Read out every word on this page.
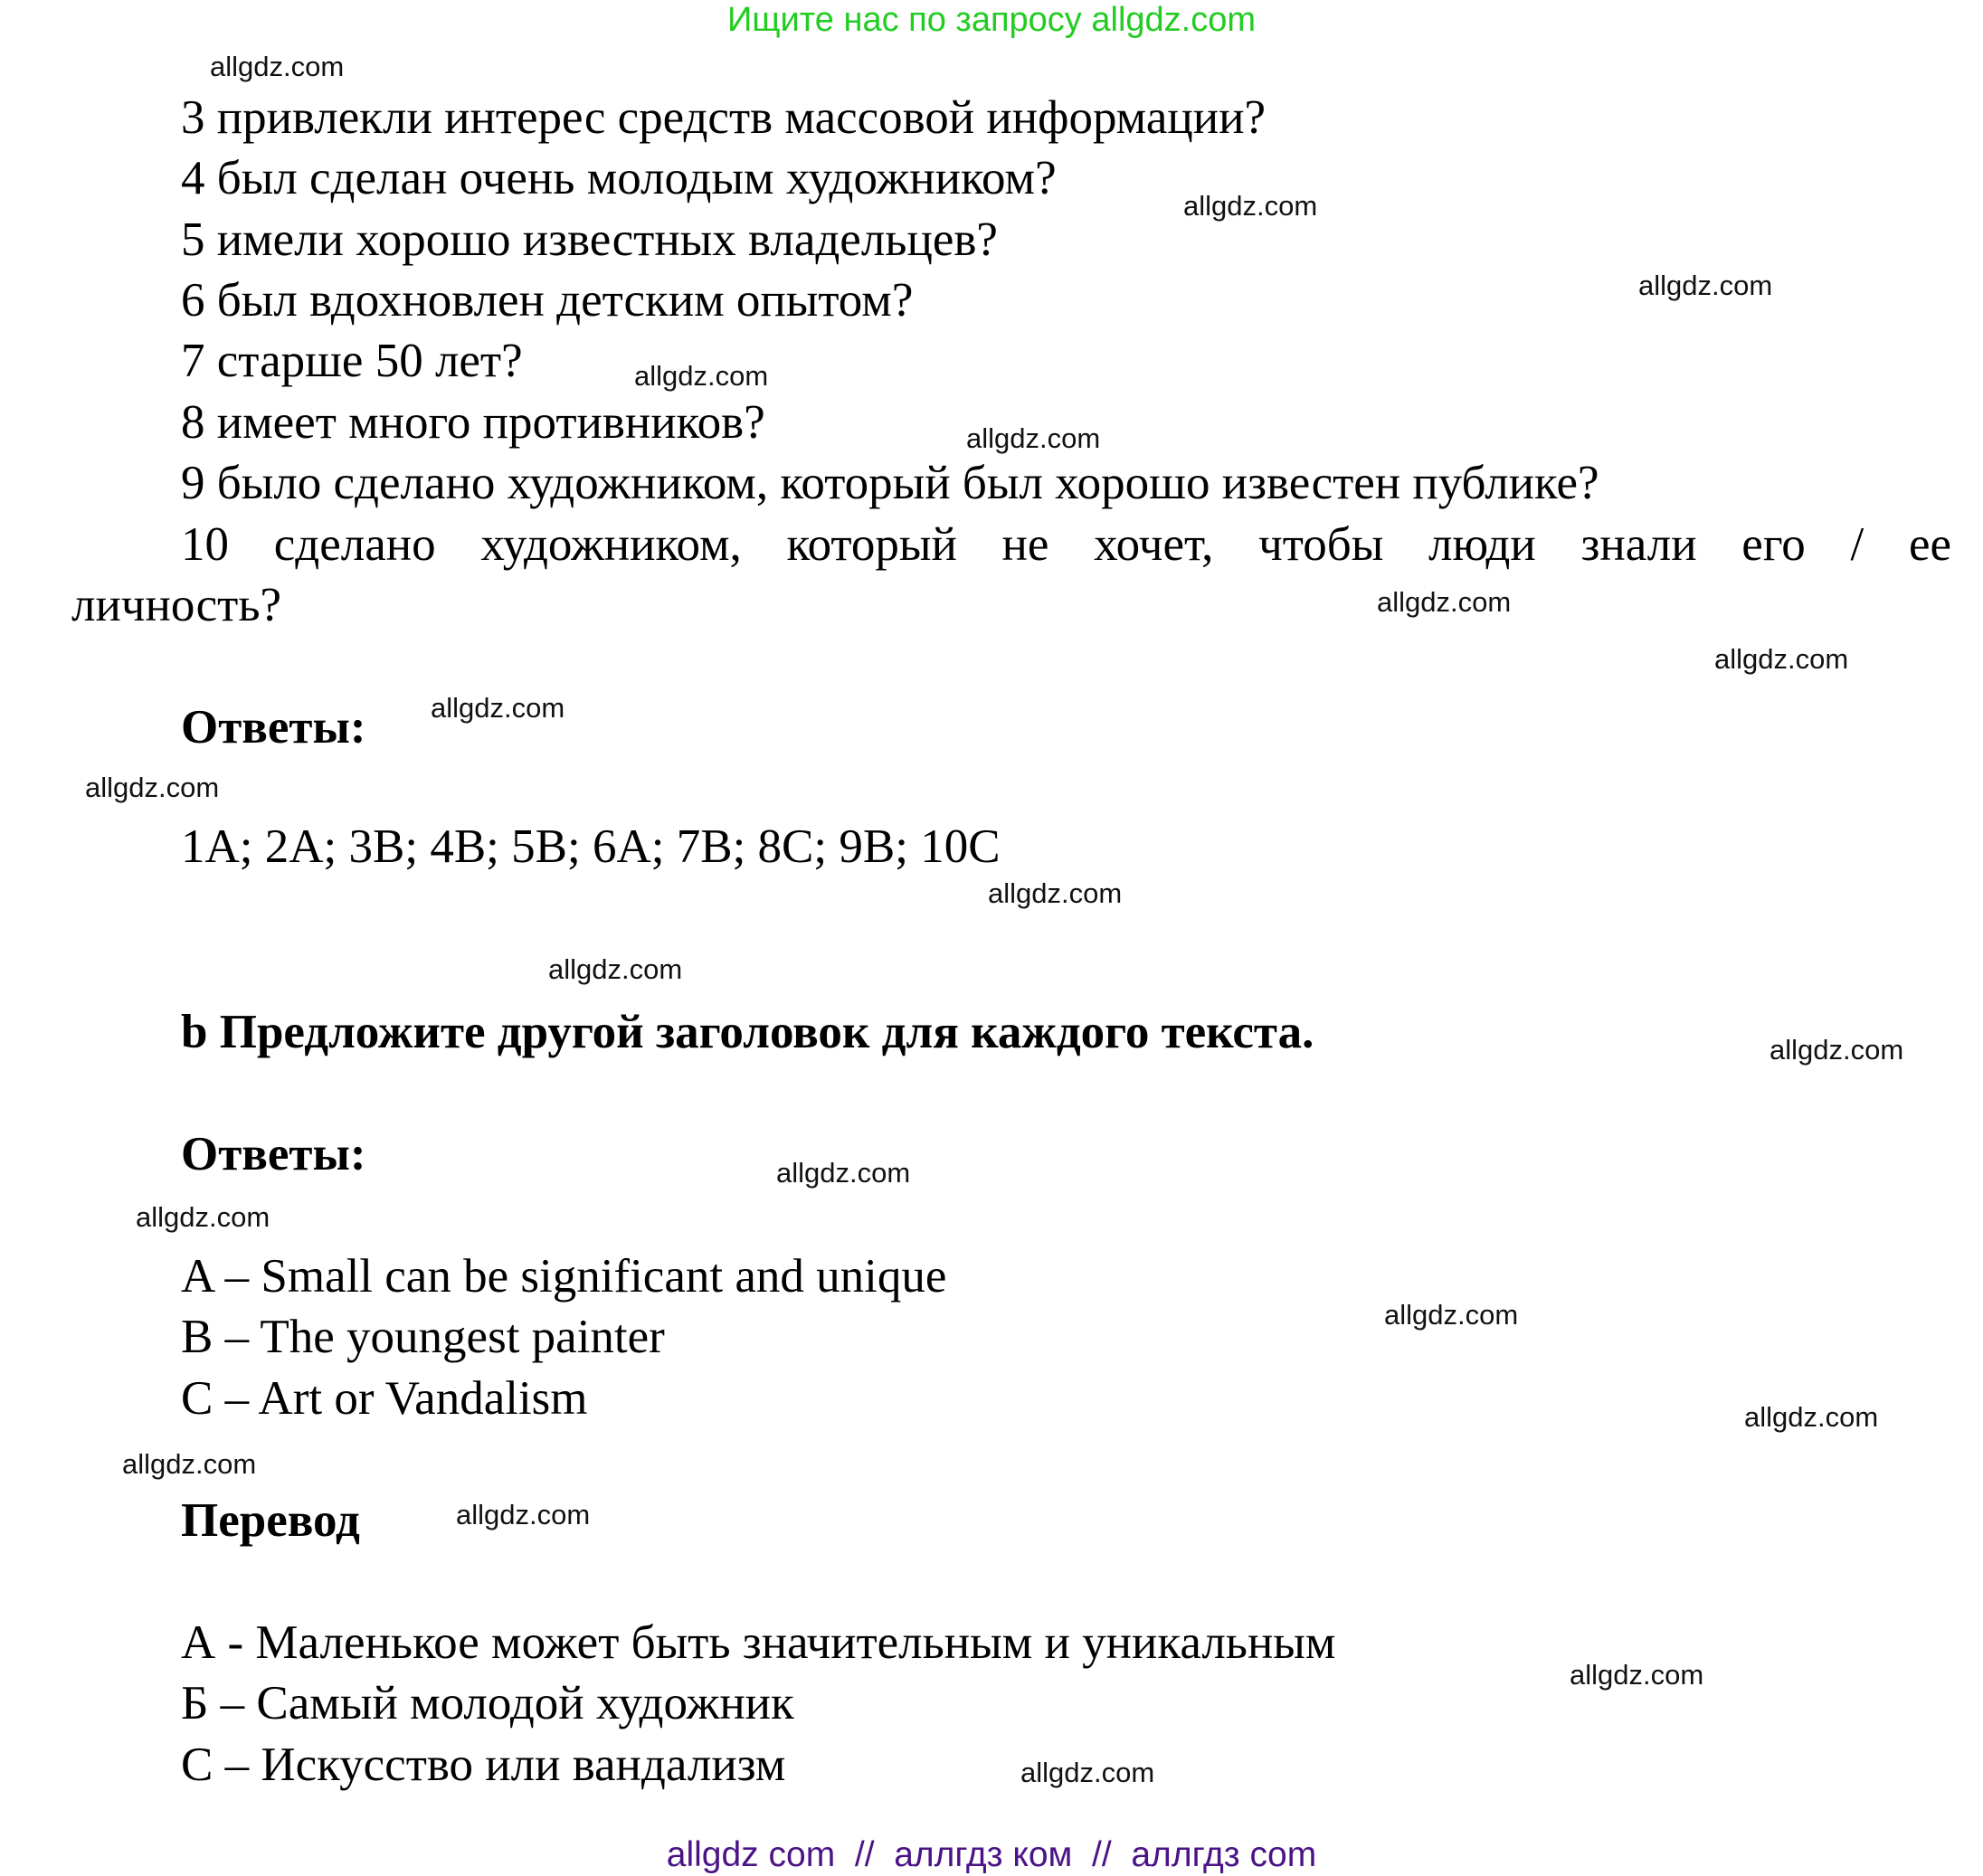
Ищите нас по запросу allgdz.com
3 привлекли интерес средств массовой информации?
4 был сделан очень молодым художником?
5 имели хорошо известных владельцев?
6 был вдохновлен детским опытом?
7 старше 50 лет?
8 имеет много противников?
9 было сделано художником, который был хорошо известен публике?
10 сделано художником, который не хочет, чтобы люди знали его / ее
личность?
Ответы:
1A; 2A; 3B; 4B; 5B; 6A; 7B; 8C; 9B; 10C
b Предложите другой заголовок для каждого текста.
Ответы:
A – Small can be significant and unique
B – The youngest painter
C – Art or Vandalism
Перевод
А - Маленькое может быть значительным и уникальным
Б – Самый молодой художник
С – Искусство или вандализм
allgdz.com
allgdz.com
allgdz.com
allgdz.com
allgdz.com
allgdz.com
allgdz.com
allgdz.com
allgdz.com
allgdz.com
allgdz.com
allgdz.com
allgdz.com
allgdz.com
allgdz.com
allgdz.com
allgdz.com
allgdz.com
allgdz.com
allgdz.com
allgdz com  //  аллгдз ком  //  аллгдз com
